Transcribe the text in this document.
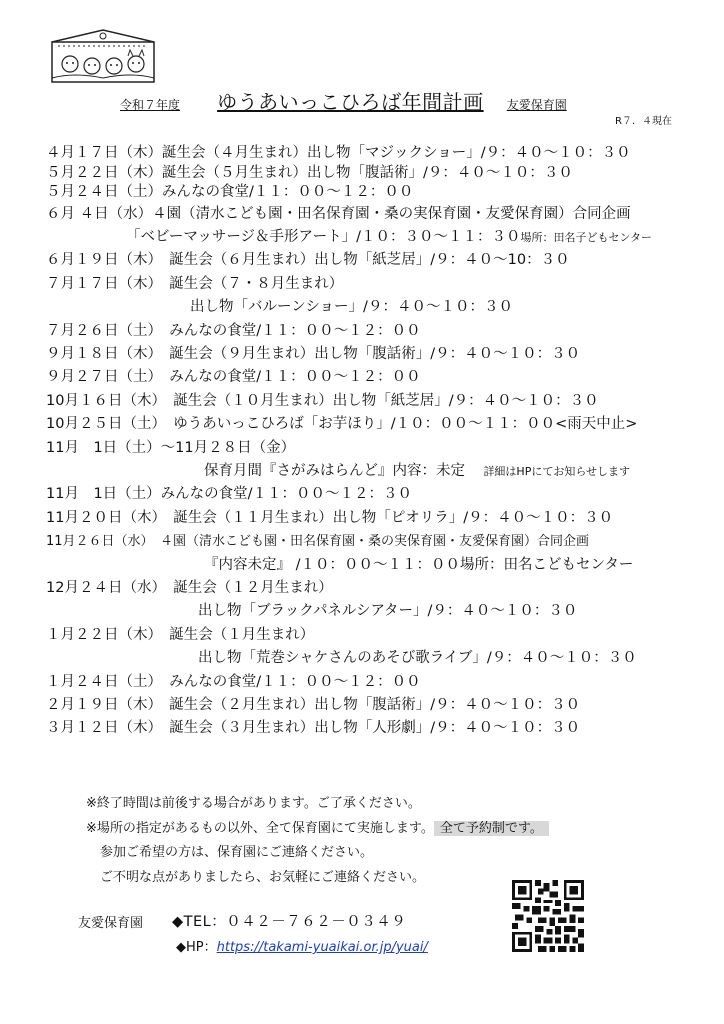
令和７年度 ゆうあいっこひろば年間計画 友愛保育園
R７．４現在
４月１７日（木）誕生会（４月生まれ）出し物「マジックショー」/９：４０～１０：３０
５月２２日（木）誕生会（５月生まれ）出し物「腹話術」/９：４０～１０：３０
５月２４日（土）みんなの食堂/１１：００～１２：００
６月 ４日（水）４園（清水こども園・田名保育園・桑の実保育園・友愛保育園）合同企画
「ベビーマッサージ＆手形アート」/１０：３０～１１：３０場所：田名子どもセンター
６月１９日（木）　誕生会（６月生まれ）出し物「紙芝居」/９：４０～10：３０
７月１７日（木）　誕生会（７・８月生まれ）
出し物「バルーンショー」/９：４０～１０：３０
７月２６日（土）　みんなの食堂/１１：００～１２：００
９月１８日（木）　誕生会（９月生まれ）出し物「腹話術」/９：４０～１０：３０
９月２７日（土）　みんなの食堂/１１：００～１２：００
10月１６日（木）　誕生会（１０月生まれ）出し物「紙芝居」/９：４０～１０：３０
10月２５日（土）　ゆうあいっこひろば「お芋ほり」/１０：００～１１：００<雨天中止>
11月　1日（土）～11月２８日（金）
保育月間『さがみはらんど』内容：未定 詳細はHPにてお知らせします
11月　1日（土）みんなの食堂/１１：００～１２：３０
11月２０日（木）　誕生会（１１月生まれ）出し物「ピオリラ」/９：４０～１０：３０
11月２６日（水）　４園（清水こども園・田名保育園・桑の実保育園・友愛保育園）合同企画
『内容未定』 /１０：００～１１：００場所：田名こどもセンター
12月２４日（水）　誕生会（１２月生まれ）
出し物「ブラックパネルシアター」/９：４０～１０：３０
１月２２日（木）　誕生会（１月生まれ）
出し物「荒巻シャケさんのあそび歌ライブ」/９：４０～１０：３０
１月２４日（土）　みんなの食堂/１１：００～１２：００
２月１９日（木）　誕生会（２月生まれ）出し物「腹話術」/９：４０～１０：３０
３月１２日（木）　誕生会（３月生まれ）出し物「人形劇」/９：４０～１０：３０
※終了時間は前後する場合があります。ご了承ください。
※場所の指定があるもの以外、全て保育園にて実施します。 全て予約制です。
参加ご希望の方は、保育園にご連絡ください。
ご不明な点がありましたら、お気軽にご連絡ください。
友愛保育園 ◆TEL：０４２－７６２－０３４９
◆HP：https://takami-yuaikai.or.jp/yuai/
